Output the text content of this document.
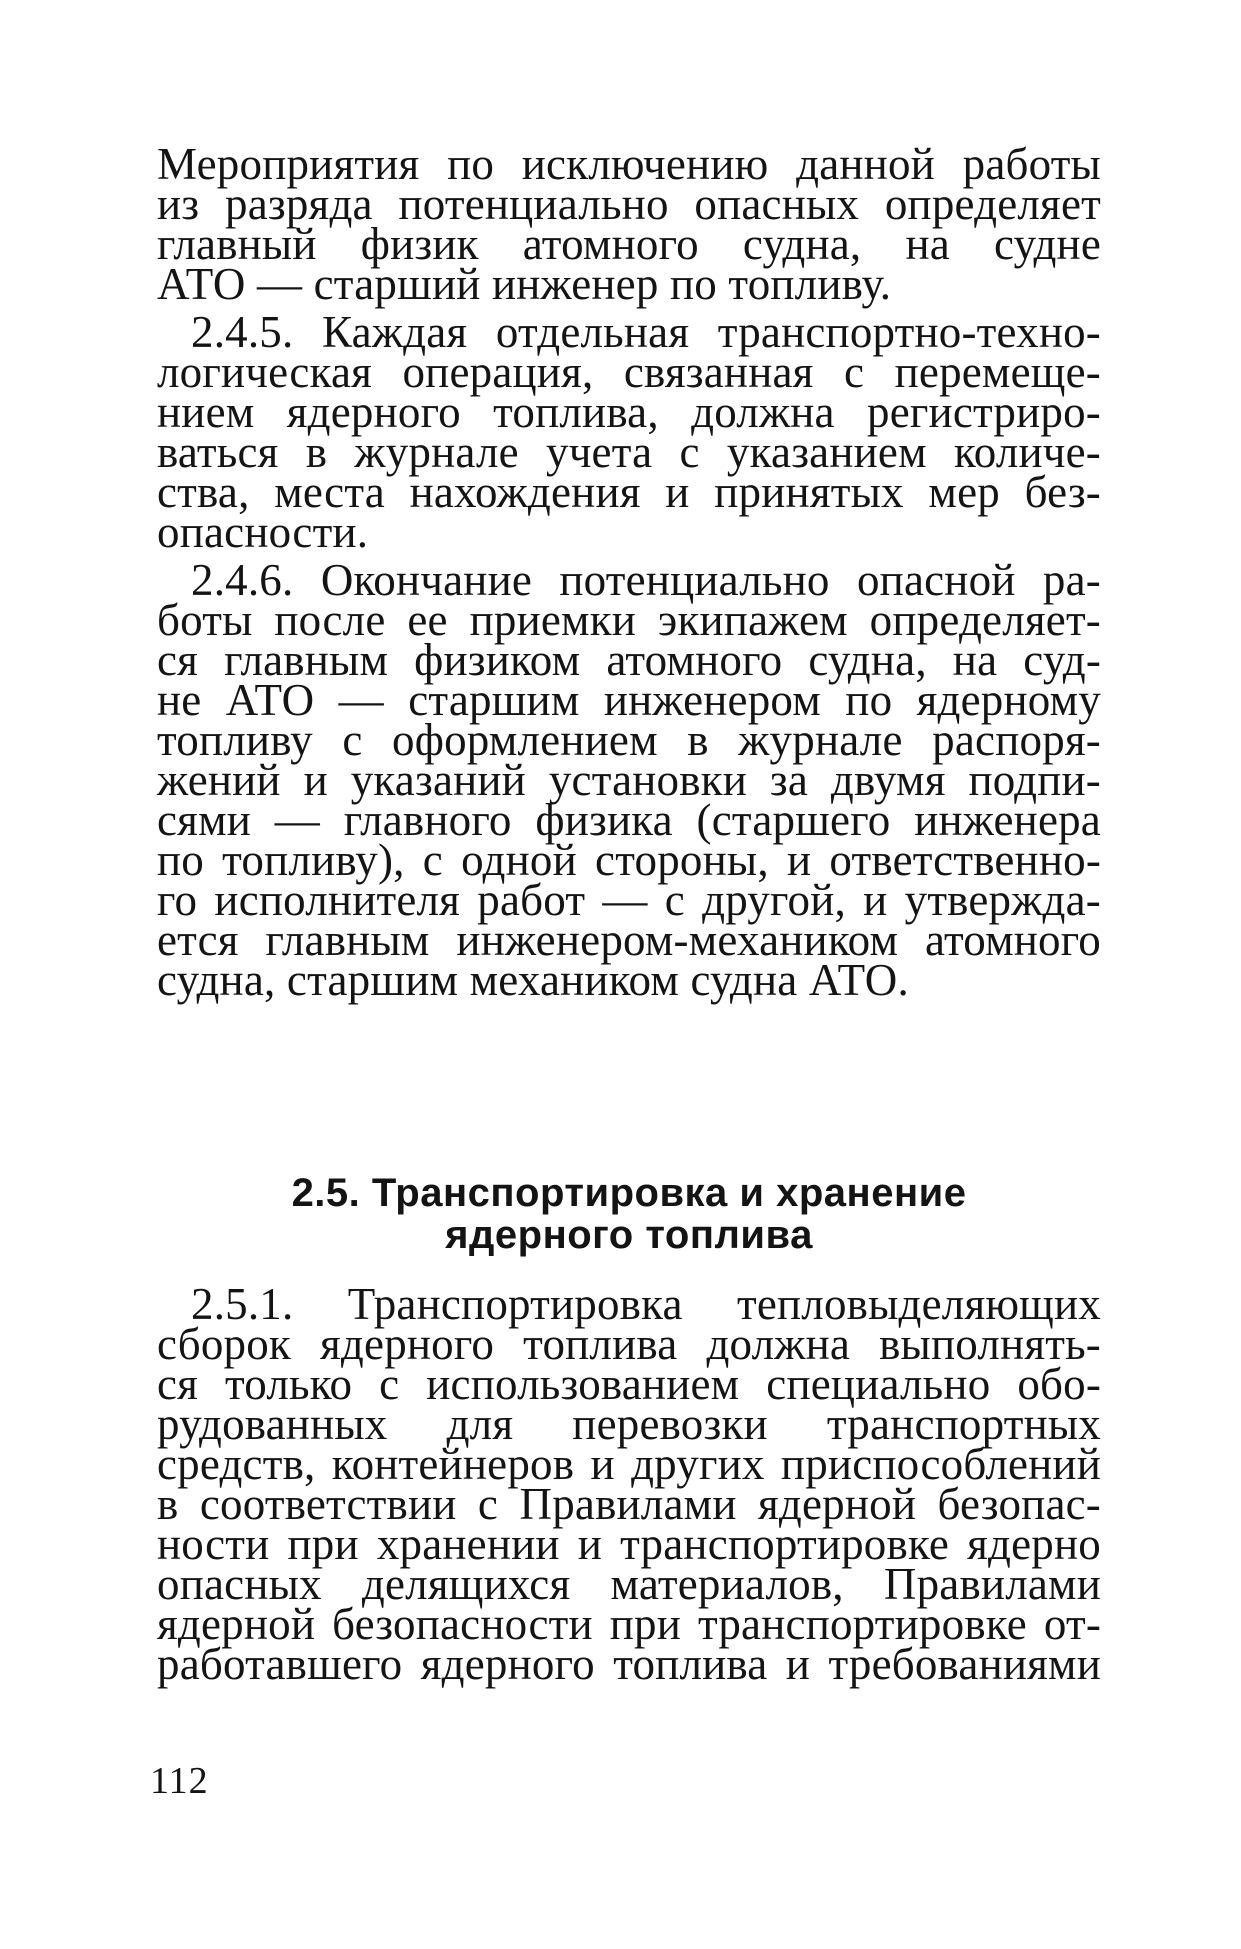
Мероприятия по исключению данной работы
из разряда потенциально опасных определяет
главный физик атомного судна, на судне
АТО — старший инженер по топливу.
2.4.5. Каждая отдельная транспортно-техно-
логическая операция, связанная с перемеще-
нием ядерного топлива, должна регистриро-
ваться в журнале учета с указанием количе-
ства, места нахождения и принятых мер без-
опасности.
2.4.6. Окончание потенциально опасной ра-
боты после ее приемки экипажем определяет-
ся главным физиком атомного судна, на суд-
не АТО — старшим инженером по ядерному
топливу с оформлением в журнале распоря-
жений и указаний установки за двумя подпи-
сями — главного физика (старшего инженера
по топливу), с одной стороны, и ответственно-
го исполнителя работ — с другой, и утвержда-
ется главным инженером-механиком атомного
судна, старшим механиком судна АТО.
2.5. Транспортировка и хранение
ядерного топлива
2.5.1. Транспортировка тепловыделяющих
сборок ядерного топлива должна выполнять-
ся только с использованием специально обо-
рудованных для перевозки транспортных
средств, контейнеров и других приспособлений
в соответствии с Правилами ядерной безопас-
ности при хранении и транспортировке ядерно
опасных делящихся материалов, Правилами
ядерной безопасности при транспортировке от-
работавшего ядерного топлива и требованиями
112
